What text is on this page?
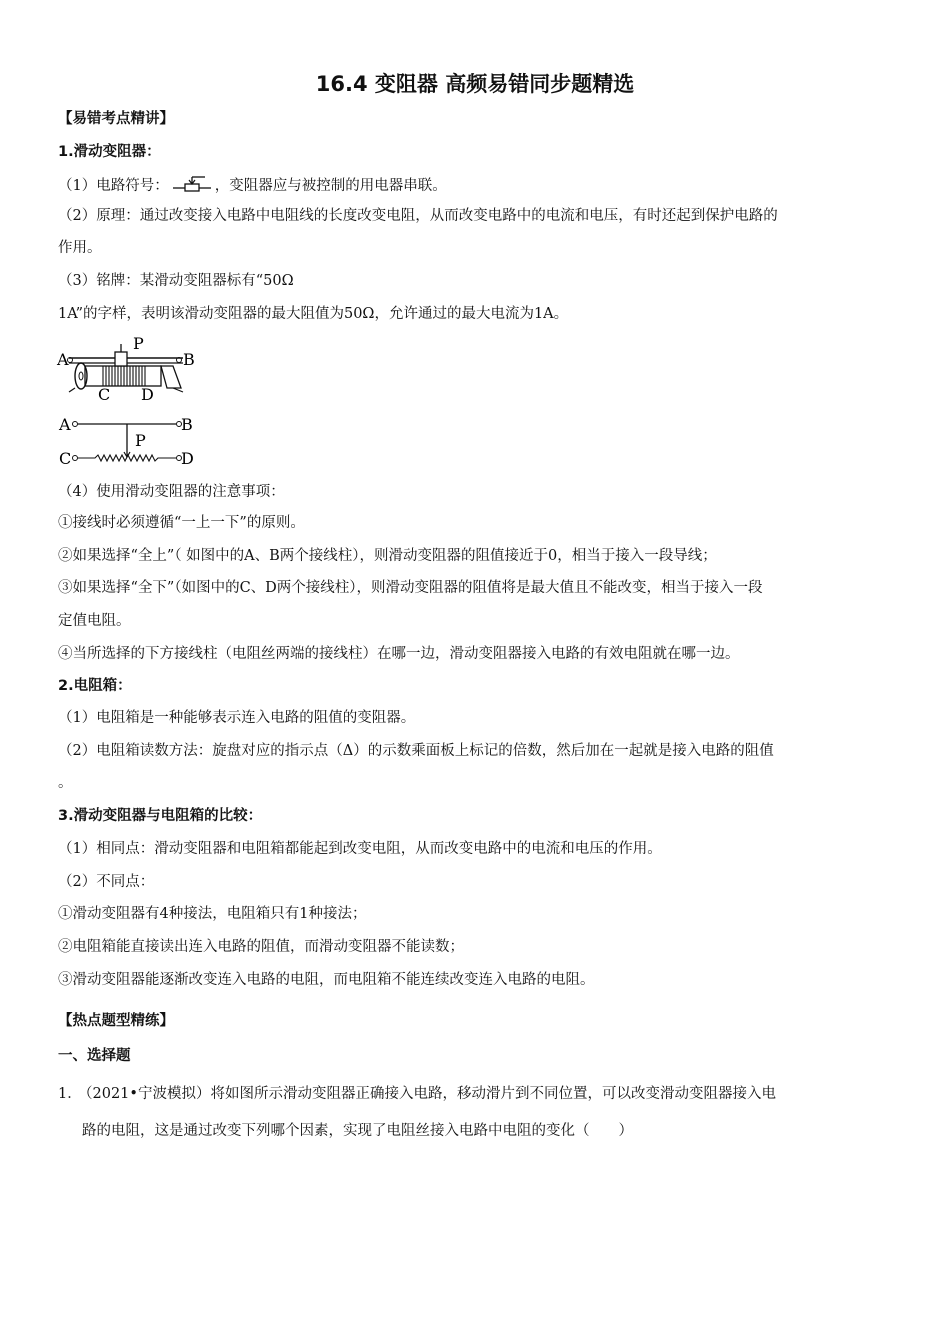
16.4 变阻器 高频易错同步题精选
【易错考点精讲】
1.滑动变阻器：
（1）电路符号：	，变阻器应与被控制的用电器串联。
（2）原理：通过改变接入电路中电阻线的长度改变电阻，从而改变电路中的电流和电压，有时还起到保护电路的
作用。
（3）铭牌：某滑动变阻器标有“50Ω
1A”的字样，表明该滑动变阻器的最大阻值为50Ω，允许通过的最大电流为1A。
A
P
B
C D
A	B
C	D
P
（4）使用滑动变阻器的注意事项：
①接线时必须遵循“一上一下”的原则。
②如果选择“全上”（ 如图中的A、B两个接线柱），则滑动变阻器的阻值接近于0，相当于接入一段导线；
③如果选择“全下”（如图中的C、D两个接线柱），则滑动变阻器的阻值将是最大值且不能改变，相当于接入一段
定值电阻。
④当所选择的下方接线柱（电阻丝两端的接线柱）在哪一边，滑动变阻器接入电路的有效电阻就在哪一边。
2.电阻箱：
（1）电阻箱是一种能够表示连入电路的阻值的变阻器。
（2）电阻箱读数方法：旋盘对应的指示点（Δ）的示数乘面板上标记的倍数，然后加在一起就是接入电路的阻值
。
3.滑动变阻器与电阻箱的比较：
（1）相同点：滑动变阻器和电阻箱都能起到改变电阻，从而改变电路中的电流和电压的作用。
（2）不同点：
①滑动变阻器有4种接法，电阻箱只有1种接法；
②电阻箱能直接读出连入电路的阻值，而滑动变阻器不能读数；
③滑动变阻器能逐渐改变连入电路的电阻，而电阻箱不能连续改变连入电路的电阻。
【热点题型精练】
一、选择题
1．
（2021•宁波模拟）将如图所示滑动变阻器正确接入电路，移动滑片到不同位置，可以改变滑动变阻器接入电
路的电阻，这是通过改变下列哪个因素，实现了电阻丝接入电路中电阻的变化（　　）
